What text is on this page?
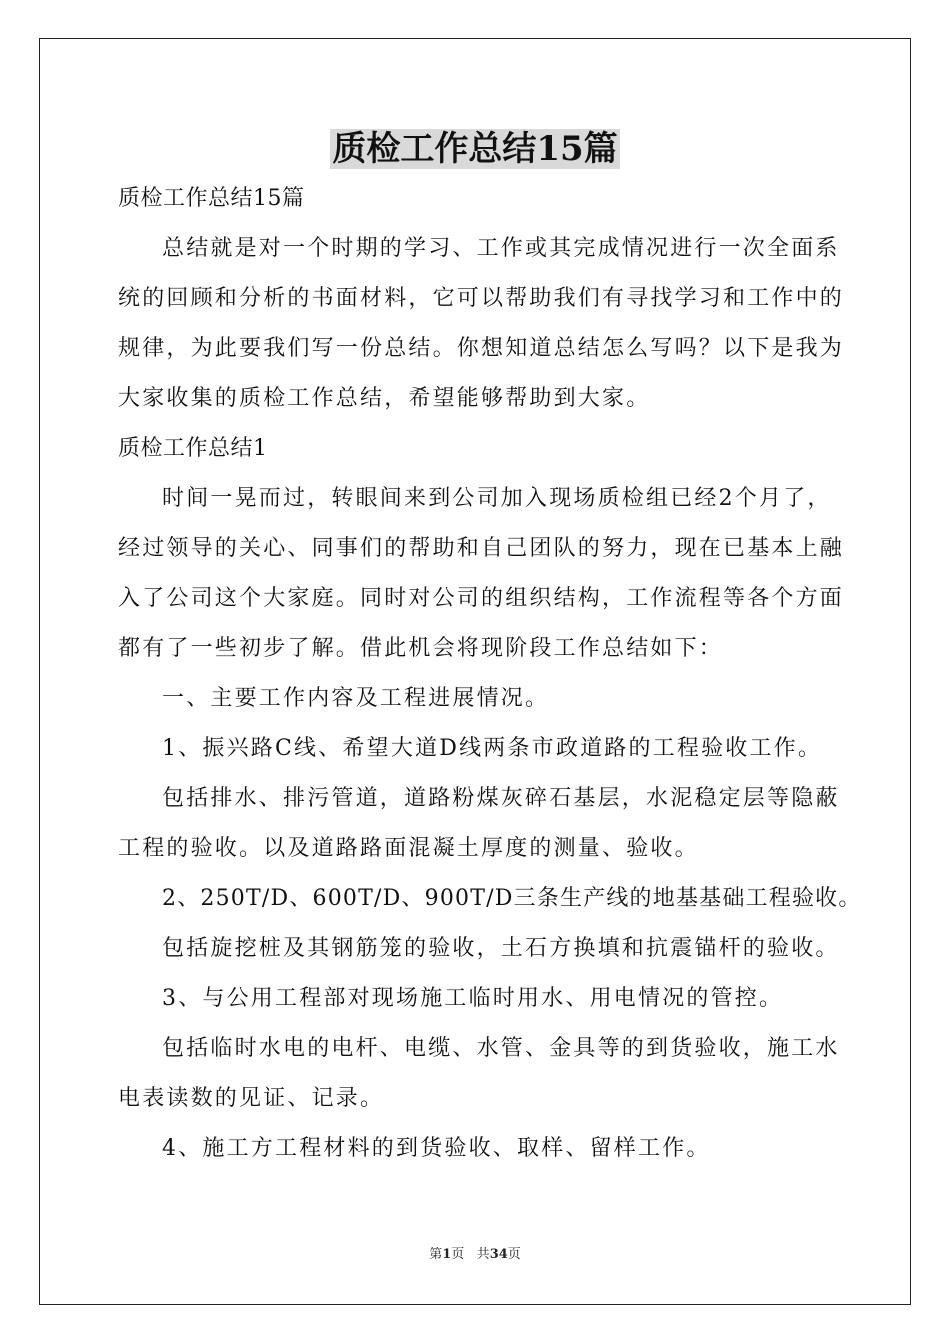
质检工作总结15篇
质检工作总结15篇
总结就是对一个时期的学习、工作或其完成情况进行一次全面系
统的回顾和分析的书面材料，它可以帮助我们有寻找学习和工作中的
规律，为此要我们写一份总结。你想知道总结怎么写吗？以下是我为
大家收集的质检工作总结，希望能够帮助到大家。
质检工作总结1
时间一晃而过，转眼间来到公司加入现场质检组已经2个月了，
经过领导的关心、同事们的帮助和自己团队的努力，现在已基本上融
入了公司这个大家庭。同时对公司的组织结构，工作流程等各个方面
都有了一些初步了解。借此机会将现阶段工作总结如下：
一、主要工作内容及工程进展情况。
1、振兴路C线、希望大道D线两条市政道路的工程验收工作。
包括排水、排污管道，道路粉煤灰碎石基层，水泥稳定层等隐蔽
工程的验收。以及道路路面混凝土厚度的测量、验收。
2、250T/D、600T/D、900T/D三条生产线的地基基础工程验收。
包括旋挖桩及其钢筋笼的验收，土石方换填和抗震锚杆的验收。
3、与公用工程部对现场施工临时用水、用电情况的管控。
包括临时水电的电杆、电缆、水管、金具等的到货验收，施工水
电表读数的见证、记录。
4、施工方工程材料的到货验收、取样、留样工作。
第1页 共34页
